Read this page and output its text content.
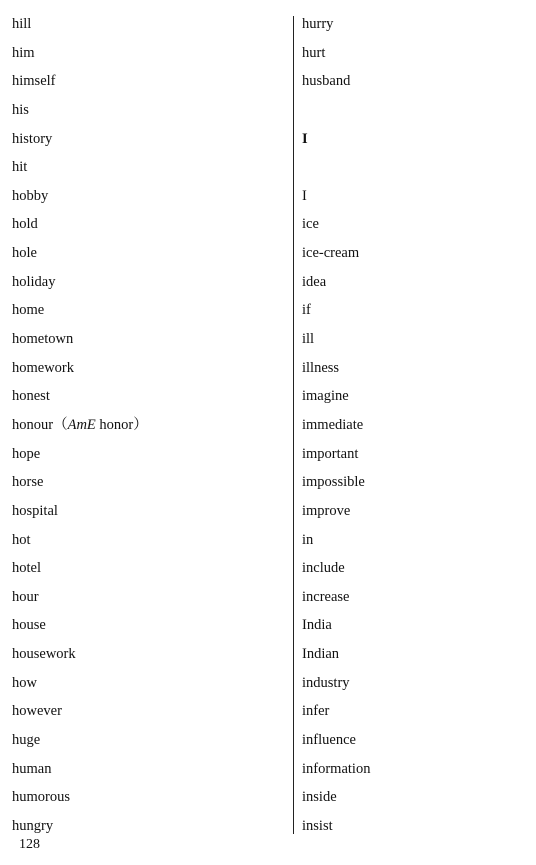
hill
him
himself
his
history
hit
hobby
hold
hole
holiday
home
hometown
homework
honest
honour（AmE honor）
hope
horse
hospital
hot
hotel
hour
house
housework
how
however
huge
human
humorous
hungry
hurry
hurt
husband
I
I
ice
ice-cream
idea
if
ill
illness
imagine
immediate
important
impossible
improve
in
include
increase
India
Indian
industry
infer
influence
information
inside
insist
128
